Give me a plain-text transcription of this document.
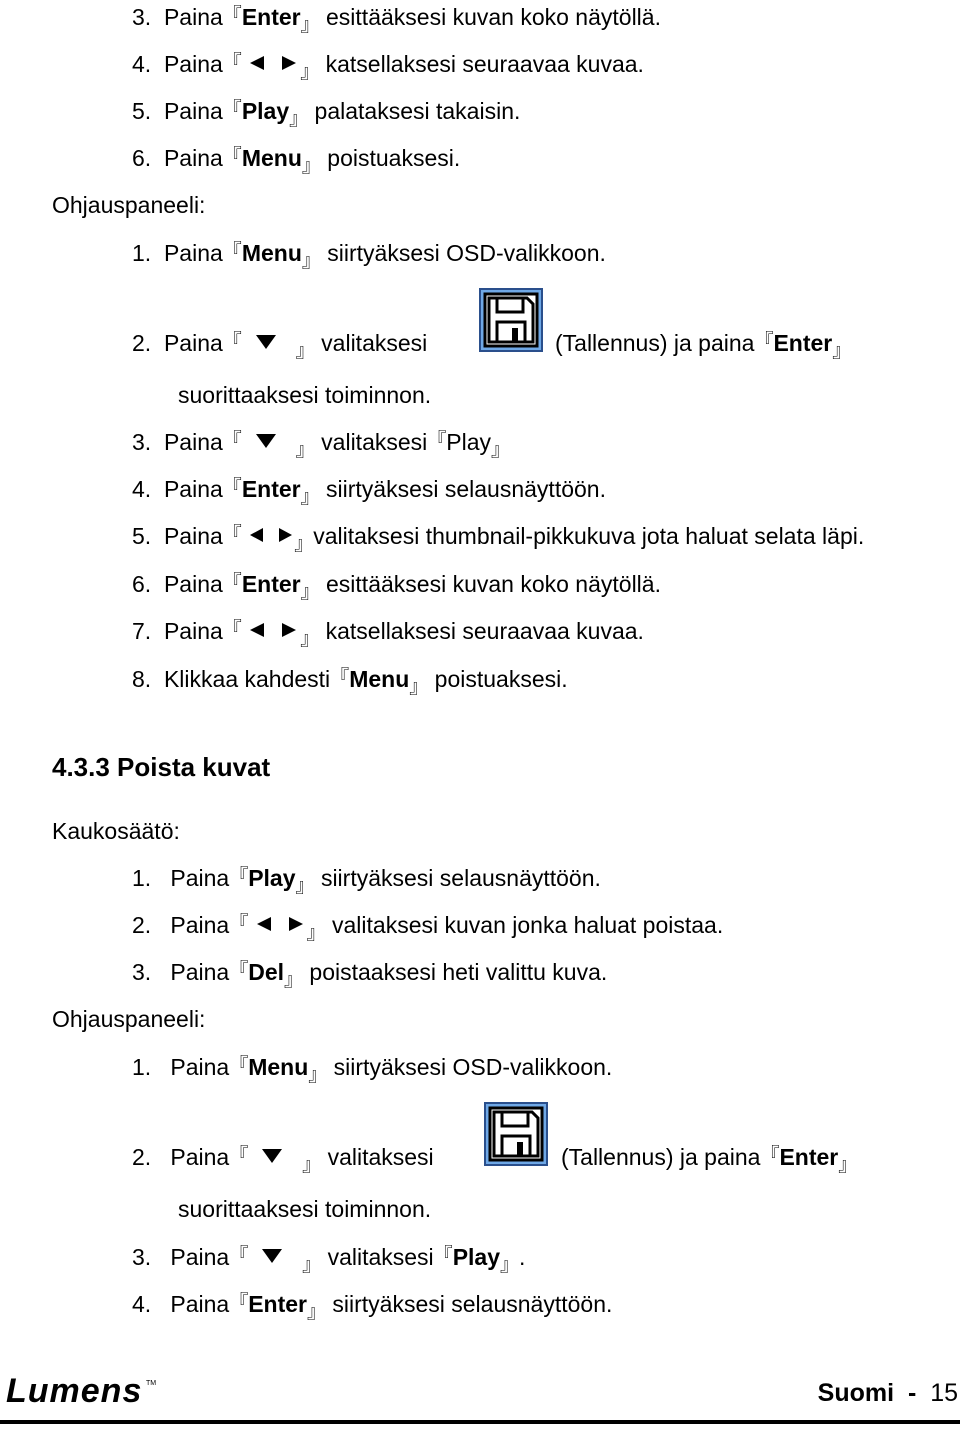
3. Paina『Enter』 esittääksesi kuvan koko näytöllä.
4. Paina『	』 katsellaksesi seuraavaa kuvaa.
5. Paina『Play』 palataksesi takaisin.
6. Paina『Menu』 poistuaksesi.
Ohjauspaneeli:
1. Paina『Menu』 siirtyäksesi OSD-valikkoon.
2. Paina『	』 valitaksesi	(Tallennus) ja paina『Enter』
suorittaaksesi toiminnon.
3. Paina『	』 valitaksesi『Play』
4. Paina『Enter』 siirtyäksesi selausnäyttöön.
5. Paina『	』valitaksesi thumbnail-pikkukuva jota haluat selata läpi.
6. Paina『Enter』 esittääksesi kuvan koko näytöllä.
7. Paina『	』 katsellaksesi seuraavaa kuvaa.
8. Klikkaa kahdesti『Menu』 poistuaksesi.
4.3.3 Poista kuvat
Kaukosäätö:
1. Paina『Play』 siirtyäksesi selausnäyttöön.
2. Paina『	』 valitaksesi kuvan jonka haluat poistaa.
3. Paina『Del』 poistaaksesi heti valittu kuva.
Ohjauspaneeli:
1. Paina『Menu』 siirtyäksesi OSD-valikkoon.
2. Paina『	』 valitaksesi	(Tallennus) ja paina『Enter』
suorittaaksesi toiminnon.
3. Paina『	』 valitaksesi『Play』.
4. Paina『Enter』 siirtyäksesi selausnäyttöön.
Lumens TM	Suomi - 15
